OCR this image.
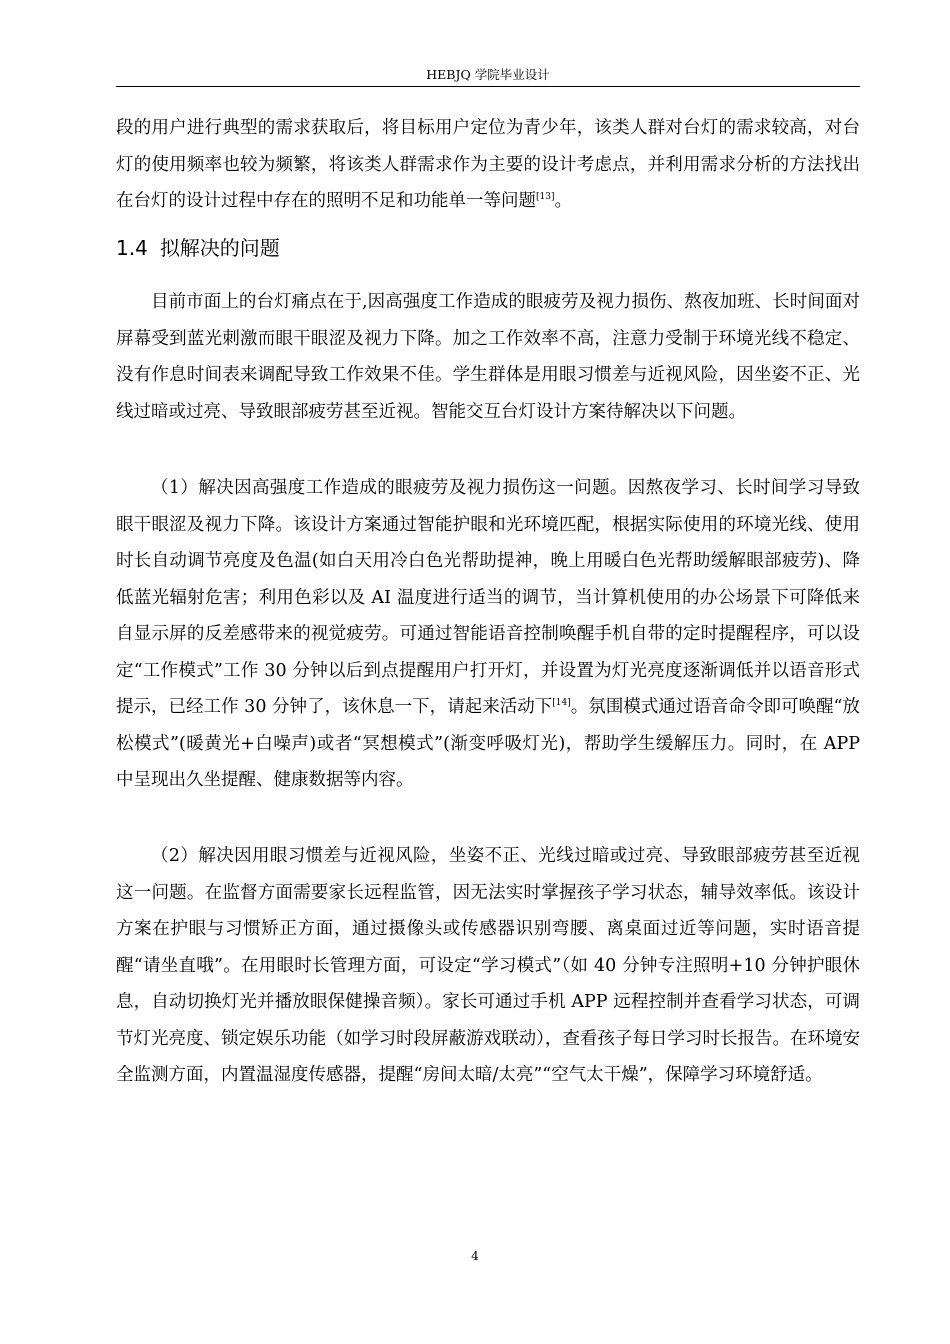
HEBJQ 学院毕业设计
段的用户进行典型的需求获取后，将目标用户定位为青少年，该类人群对台灯的需求较高，对台灯的使用频率也较为频繁，将该类人群需求作为主要的设计考虑点，并利用需求分析的方法找出在台灯的设计过程中存在的照明不足和功能单一等问题[13]。
1.4 拟解决的问题
目前市面上的台灯痛点在于,因高强度工作造成的眼疲劳及视力损伤、熬夜加班、长时间面对屏幕受到蓝光刺激而眼干眼涩及视力下降。加之工作效率不高，注意力受制于环境光线不稳定、没有作息时间表来调配导致工作效果不佳。学生群体是用眼习惯差与近视风险，因坐姿不正、光线过暗或过亮、导致眼部疲劳甚至近视。智能交互台灯设计方案待解决以下问题。
（1）解决因高强度工作造成的眼疲劳及视力损伤这一问题。因熬夜学习、长时间学习导致眼干眼涩及视力下降。该设计方案通过智能护眼和光环境匹配，根据实际使用的环境光线、使用时长自动调节亮度及色温(如白天用冷白色光帮助提神，晚上用暖白色光帮助缓解眼部疲劳)、降低蓝光辐射危害；利用色彩以及 AI 温度进行适当的调节，当计算机使用的办公场景下可降低来自显示屏的反差感带来的视觉疲劳。可通过智能语音控制唤醒手机自带的定时提醒程序，可以设定“工作模式”工作 30 分钟以后到点提醒用户打开灯，并设置为灯光亮度逐渐调低并以语音形式提示，已经工作 30 分钟了，该休息一下，请起来活动下[14]。氛围模式通过语音命令即可唤醒“放松模式”(暖黄光+白噪声)或者“冥想模式”(渐变呼吸灯光)，帮助学生缓解压力。同时，在 APP 中呈现出久坐提醒、健康数据等内容。
（2）解决因用眼习惯差与近视风险，坐姿不正、光线过暗或过亮、导致眼部疲劳甚至近视这一问题。在监督方面需要家长远程监管，因无法实时掌握孩子学习状态，辅导效率低。该设计方案在护眼与习惯矫正方面，通过摄像头或传感器识别弯腰、离桌面过近等问题，实时语音提醒“请坐直哦”。在用眼时长管理方面，可设定“学习模式”（如 40 分钟专注照明+10 分钟护眼休息，自动切换灯光并播放眼保健操音频）。家长可通过手机 APP 远程控制并查看学习状态，可调节灯光亮度、锁定娱乐功能（如学习时段屏蔽游戏联动），查看孩子每日学习时长报告。在环境安全监测方面，内置温湿度传感器，提醒“房间太暗/太亮”“空气太干燥”，保障学习环境舒适。
4
